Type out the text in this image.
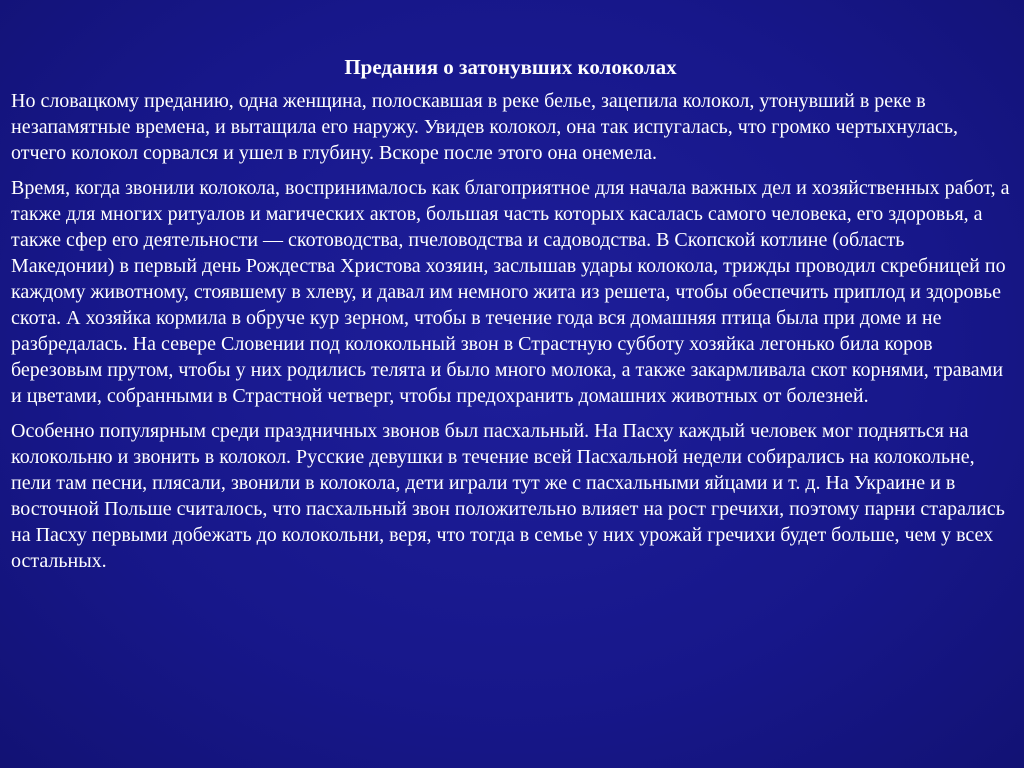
Предания о затонувших колоколах

Но словацкому преданию, одна женщина, полоскавшая в реке белье, зацепила колокол, утонувший в реке в незапамятные времена, и вытащила его наружу. Увидев колокол, она так испугалась, что громко чертыхнулась, отчего колокол сорвался и ушел в глубину. Вскоре после этого она онемела.

Время, когда звонили колокола, воспринималось как благоприятное для начала важных дел и хозяйственных работ, а также для многих ритуалов и магических актов, большая часть которых касалась самого человека, его здоровья, а также сфер его деятельности — скотоводства, пчеловодства и садоводства. В Скопской котлине (область Македонии) в первый день Рождества Христова хозяин, заслышав удары колокола, трижды проводил скребницей по каждому животному, стоявшему в хлеву, и давал им немного жита из решета, чтобы обеспечить приплод и здоровье скота. А хозяйка кормила в обруче кур зерном, чтобы в течение года вся домашняя птица была при доме и не разбредалась. На севере Словении под колокольный звон в Страстную субботу хозяйка легонько била коров березовым прутом, чтобы у них родились телята и было много молока, а также закармливала скот корнями, травами и цветами, собранными в Страстной четверг, чтобы предохранить домашних животных от болезней.

Особенно популярным среди праздничных звонов был пасхальный. На Пасху каждый человек мог подняться на колокольню и звонить в колокол. Русские девушки в течение всей Пасхальной недели собирались на колокольне, пели там песни, плясали, звонили в колокола, дети играли тут же с пасхальными яйцами и т. д. На Украине и в восточной Польше считалось, что пасхальный звон положительно влияет на рост гречихи, поэтому парни старались на Пасху первыми добежать до колокольни, веря, что тогда в семье у них урожай гречихи будет больше, чем у всех остальных.
